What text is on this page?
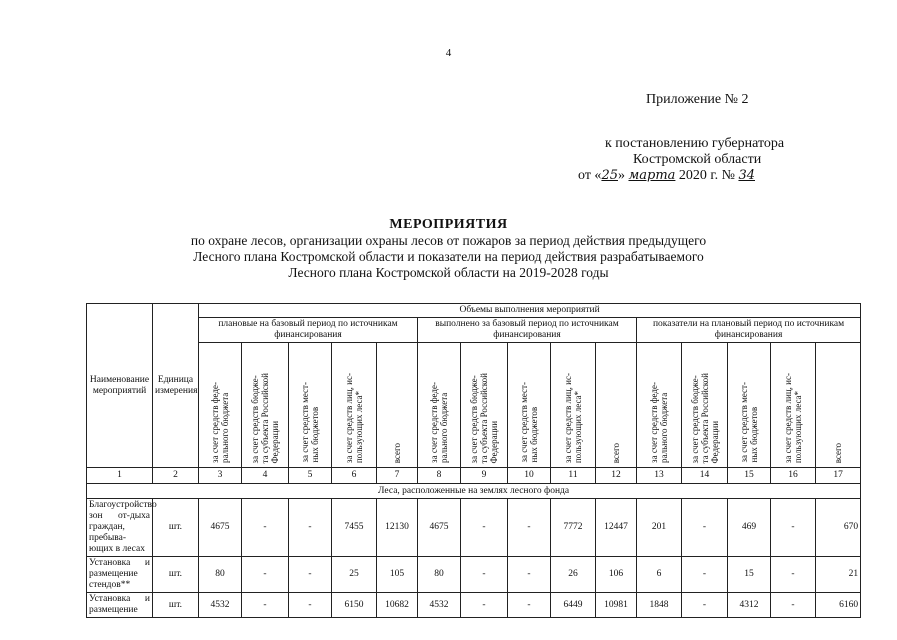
4
Приложение № 2
к постановлению губернатора
Костромской области
от «25» марта 2020 г. № 34
МЕРОПРИЯТИЯ
по охране лесов, организации охраны лесов от пожаров за период действия предыдущего
Лесного плана Костромской области и показатели на период действия разрабатываемого
Лесного плана Костромской области на 2019-2028 годы
Наименование мероприятий	Единица измерения	Объемы выполнения мероприятий														
		плановые на базовый период по источникам финансирования					выполнено за базовый период по источникам финансирования					показатели на плановый период по источникам финансирования				

		за счет средств феде-
рального бюджета	за счет средств бюдже-
та субъекта Российской
Федерации	за счет средств мест-
ных бюджетов	за счет средств лиц, ис-
пользующих леса*	всего	за счет средств феде-
рального бюджета	за счет средств бюдже-
та субъекта Российской
Федерации	за счет средств мест-
ных бюджетов	за счет средств лиц, ис-
пользующих леса*	всего	за счет средств феде-
рального бюджета	за счет средств бюдже-
та субъекта Российской
Федерации	за счет средств мест-
ных бюджетов	за счет средств лиц, ис-
пользующих леса*	всего

1	2	3	4	5	6	7	8	9	10	11	12	13	14	15	16	17
Леса, расположенные на землях лесного фонда																
Благоустройство зон от-дыха граждан, пребыва-ющих в лесах	шт.	4675	-	-	7455	12130	4675	-	-	7772	12447	201	-	469	-	670
Установка и размещение стендов**	шт.	80	-	-	25	105	80	-	-	26	106	6	-	15	-	21
Установка и размещение	шт.	4532	-	-	6150	10682	4532	-	-	6449	10981	1848	-	4312	-	6160
